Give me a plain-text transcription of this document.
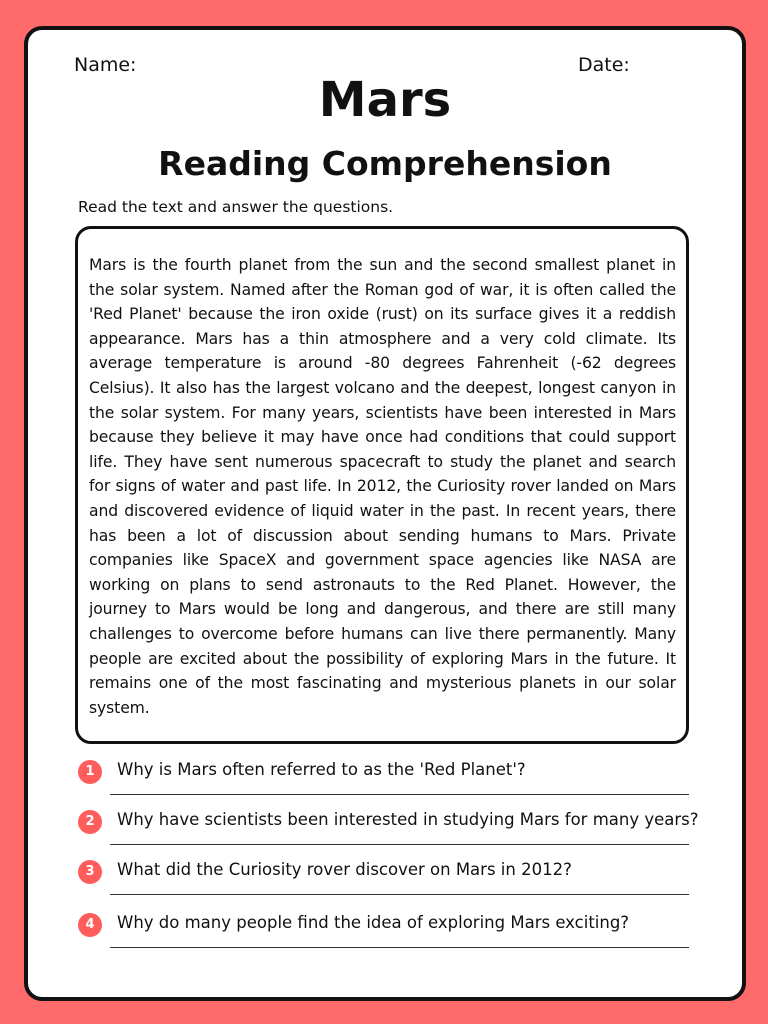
Name:	Date:
Mars
Reading Comprehension
Read the text and answer the questions.

Mars is the fourth planet from the sun and the second smallest planet in the solar system. Named after the Roman god of war, it is often called the 'Red Planet' because the iron oxide (rust) on its surface gives it a reddish appearance. Mars has a thin atmosphere and a very cold climate. Its average temperature is around -80 degrees Fahrenheit (-62 degrees Celsius). It also has the largest volcano and the deepest, longest canyon in the solar system. For many years, scientists have been interested in Mars because they believe it may have once had conditions that could support life. They have sent numerous spacecraft to study the planet and search for signs of water and past life. In 2012, the Curiosity rover landed on Mars and discovered evidence of liquid water in the past. In recent years, there has been a lot of discussion about sending humans to Mars. Private companies like SpaceX and government space agencies like NASA are working on plans to send astronauts to the Red Planet. However, the journey to Mars would be long and dangerous, and there are still many challenges to overcome before humans can live there permanently. Many people are excited about the possibility of exploring Mars in the future. It remains one of the most fascinating and mysterious planets in our solar system.

1	Why is Mars often referred to as the 'Red Planet'?
2	Why have scientists been interested in studying Mars for many years?
3	What did the Curiosity rover discover on Mars in 2012?
4	Why do many people find the idea of exploring Mars exciting?
